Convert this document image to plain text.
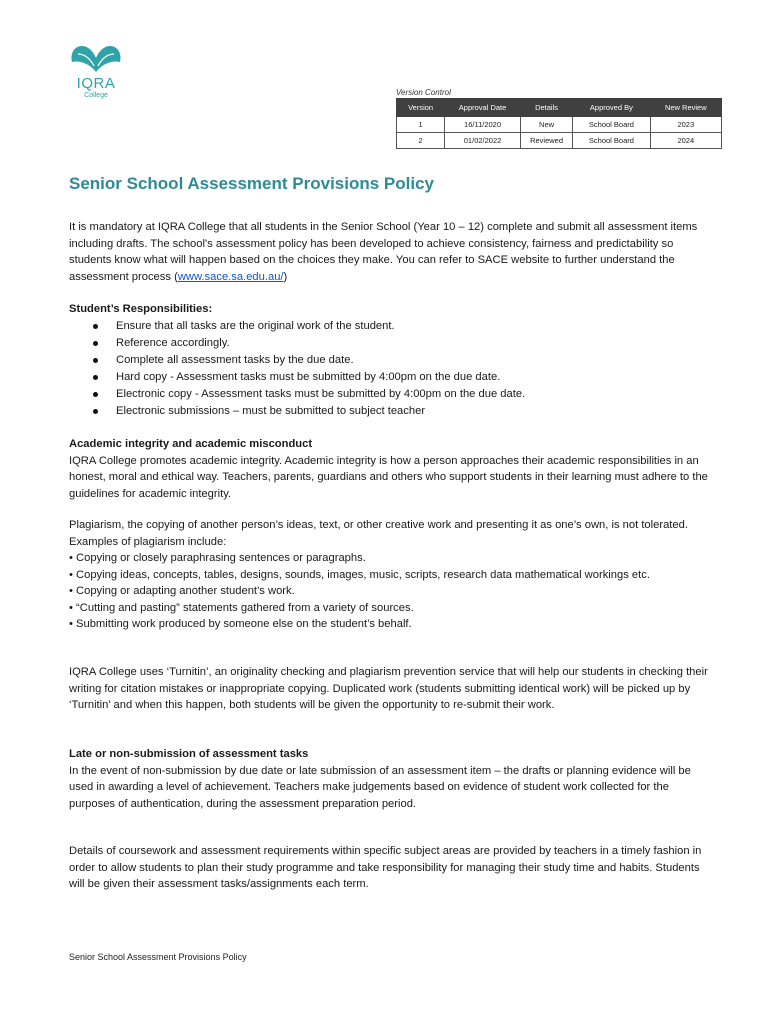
IQRA
College	Version Control
Version	Approval Date	Details	Approved By	New Review
1	16/11/2020	New	School Board	2023
2	01/02/2022	Reviewed	School Board	2024
Senior School Assessment Provisions Policy

It is mandatory at IQRA College that all students in the Senior School (Year 10 – 12) complete and submit all assessment items including drafts. The school's assessment policy has been developed to achieve consistency, fairness and predictability so students know what will happen based on the choices they make. You can refer to SACE website to further understand the assessment process (www.sace.sa.edu.au/)

Student’s Responsibilities:

Ensure that all tasks are the original work of the student.
Reference accordingly.
Complete all assessment tasks by the due date.
Hard copy - Assessment tasks must be submitted by 4:00pm on the due date.
Electronic copy - Assessment tasks must be submitted by 4:00pm on the due date.
Electronic submissions – must be submitted to subject teacher

Academic integrity and academic misconduct

IQRA College promotes academic integrity. Academic integrity is how a person approaches their academic responsibilities in an honest, moral and ethical way. Teachers, parents, guardians and others who support students in their learning must adhere to the guidelines for academic integrity.

Plagiarism, the copying of another person’s ideas, text, or other creative work and presenting it as one’s own, is not tolerated. Examples of plagiarism include:

• Copying or closely paraphrasing sentences or paragraphs.

• Copying ideas, concepts, tables, designs, sounds, images, music, scripts, research data mathematical workings etc.

• Copying or adapting another student’s work.

• “Cutting and pasting” statements gathered from a variety of sources.

• Submitting work produced by someone else on the student’s behalf.

IQRA College uses ‘Turnitin’, an originality checking and plagiarism prevention service that will help our students in checking their writing for citation mistakes or inappropriate copying. Duplicated work (students submitting identical work) will be picked up by ‘Turnitin’ and when this happen, both students will be given the opportunity to re-submit their work.

Late or non-submission of assessment tasks

In the event of non-submission by due date or late submission of an assessment item – the drafts or planning evidence will be used in awarding a level of achievement. Teachers make judgements based on evidence of student work collected for the purposes of authentication, during the assessment preparation period.

Details of coursework and assessment requirements within specific subject areas are provided by teachers in a timely fashion in order to allow students to plan their study programme and take responsibility for managing their study time and habits. Students will be given their assessment tasks/assignments each term.

Senior School Assessment Provisions Policy
